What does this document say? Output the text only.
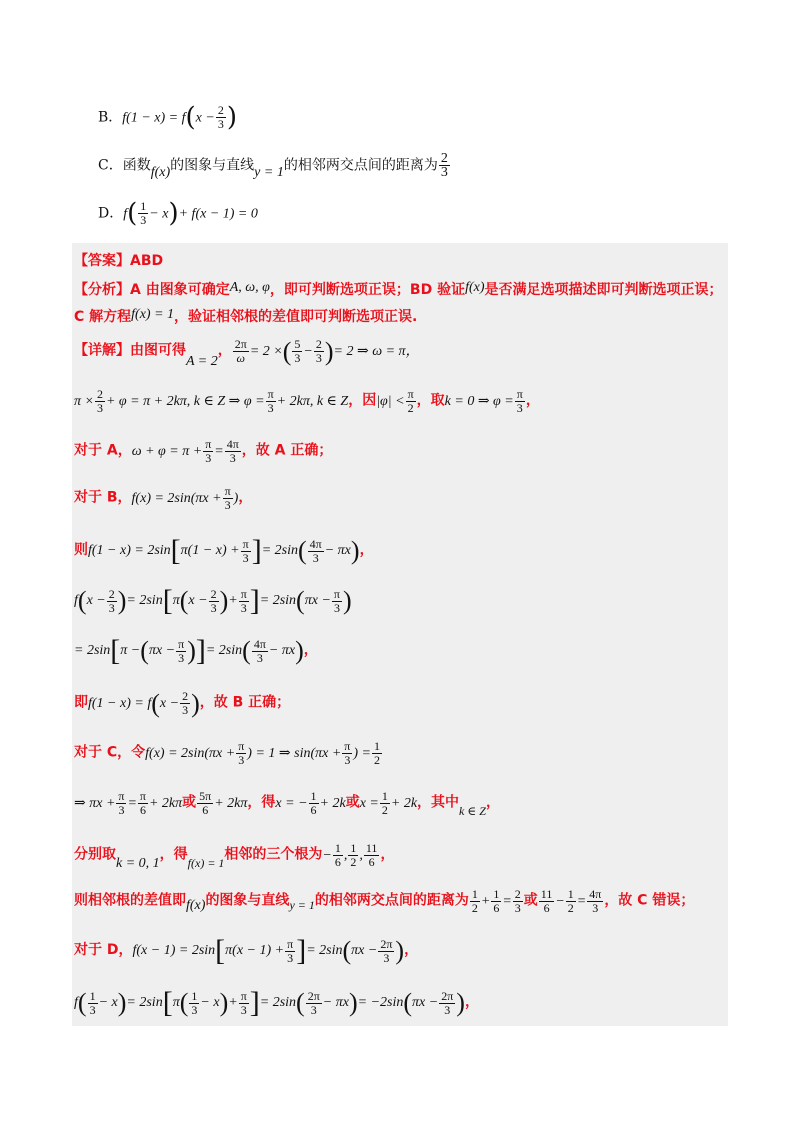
B．$f(1 - x) = f(x - \frac{2}{3}$ )
C．函数f(x)的图象与直线y = 1的相邻两交点间的距离为 $\frac{2}{3}$
D．$f( \frac{1}{3} - x)+ f(x - 1) = 0$
【答案】ABD
【分析】A 由图象可确定A, ω, φ，即可判断选项正误；BD 验证f(x)是否满足选项描述即可判断选项正误；
C 解方程f(x) = 1，验证相邻根的差值即可判断选项正误.
【详解】由图可得A = 2， $\frac{2\pi}{\omega} = 2$ ×( $\frac{5}{3} - \frac{2}{3}$ )= 2 ⇒ ω = π，
$\pi \times \frac{2}{3} + \varphi = \pi + 2k\pi$, k ∈ Z ⇒ $\varphi = \frac{\pi}{3} + 2k\pi$, k ∈ Z，因$|\varphi| < \frac{\pi}{2}$ ，取k = 0 ⇒ $\varphi = \frac{\pi}{3}$ ，
对于 A，$\omega + \varphi = \pi + \frac{\pi}{3} = \frac{4\pi}{3}$ ，故 A 正确；
对于 B，$f(x) = 2\sin(\pi x + \frac{\pi}{3}$ )，
则$f(1 - x) = 2\sin[\pi(1 - x) + \frac{\pi}{3}$ ]= $2\sin( \frac{4\pi}{3} - \pi x)$，
$f(x - \frac{2}{3}$ )= $2\sin[\pi(x - \frac{2}{3}$ )+ $\frac{\pi}{3}$ ]= $2\sin(\pi x - \frac{\pi}{3}$ )
= $2\sin[\pi -(\pi x - \frac{\pi}{3}$ )]= $2\sin( \frac{4\pi}{3} - \pi x)$，
即$f(1 - x) = f(x - \frac{2}{3}$ )，故 B 正确；
对于 C，令$f(x) = 2\sin(\pi x + \frac{\pi}{3}$ ) = 1 ⇒ $\sin(\pi x + \frac{\pi}{3}$ ) = $\frac{1}{2}$
⇒ $\pi x + \frac{\pi}{3} = \frac{\pi}{6} + 2k\pi$或 $\frac{5\pi}{6} + 2k\pi$，得x = − $\frac{1}{6} + 2k$或$x = \frac{1}{2} + 2k$，其中k ∈ Z，
分别取k = 0, 1，得f(x) = 1相邻的三个根为− $\frac{1}{6}$ , $\frac{1}{2}$ , $\frac{11}{6}$ ，
则相邻根的差值即f(x)的图象与直线y = 1的相邻两交点间的距离为 $\frac{1}{2} + \frac{1}{6} = \frac{2}{3}$ 或 $\frac{11}{6} - \frac{1}{2} = \frac{4\pi}{3}$ ，故 C 错误；
对于 D，$f(x - 1) = 2\sin[\pi(x - 1) + \frac{\pi}{3}$ ]= $2\sin(\pi x - \frac{2\pi}{3}$ )，
$f( \frac{1}{3} - x)= 2\sin[\pi( \frac{1}{3} - x)+ \frac{\pi}{3}$ ]= $2\sin( \frac{2\pi}{3} - \pi x)= -2\sin(\pi x - \frac{2\pi}{3}$ )，
